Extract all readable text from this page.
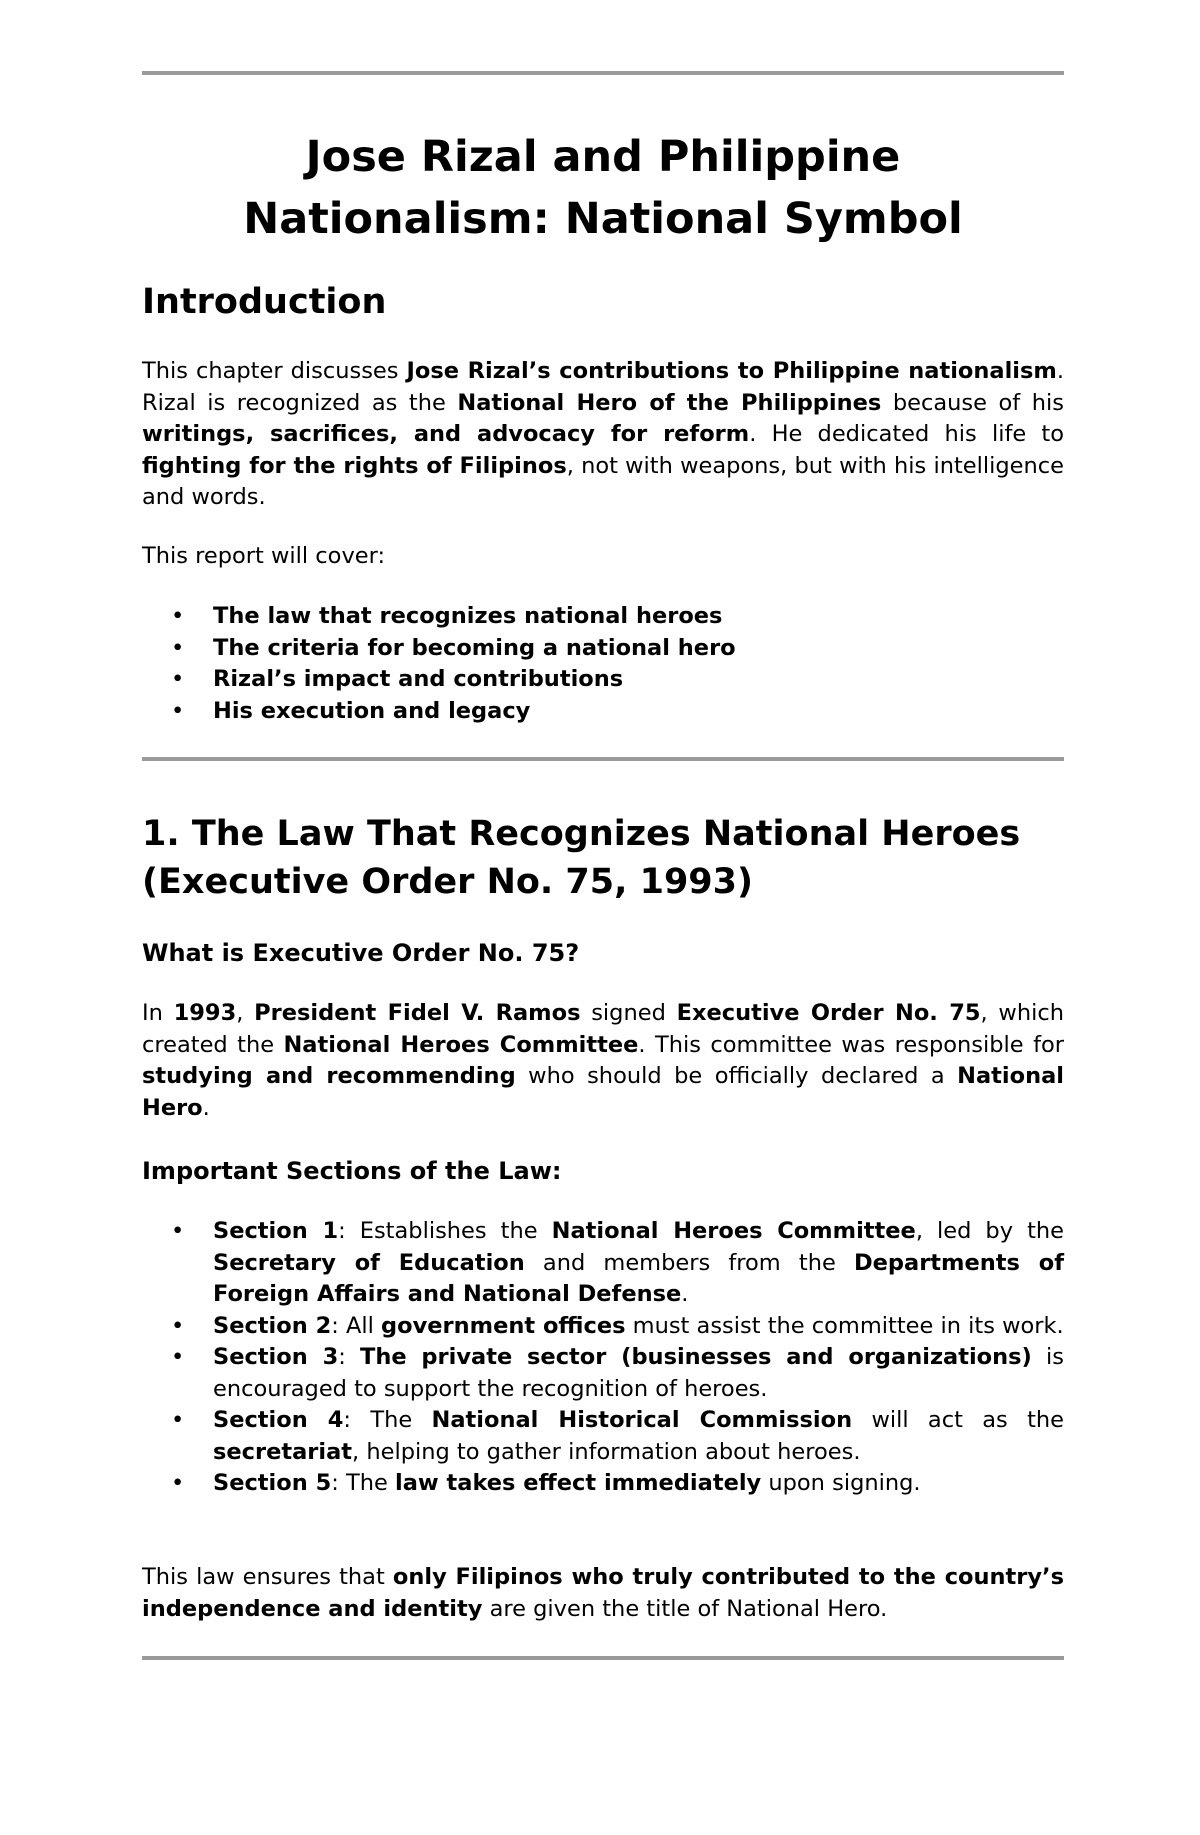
Jose Rizal and Philippine
Nationalism: National Symbol
Introduction

This chapter discusses Jose Rizal’s contributions to Philippine nationalism. Rizal is recognized as the National Hero of the Philippines because of his writings, sacrifices, and advocacy for reform. He dedicated his life to fighting for the rights of Filipinos, not with weapons, but with his intelligence and words.

This report will cover:

• The law that recognizes national heroes
• The criteria for becoming a national hero
• Rizal’s impact and contributions
• His execution and legacy
1. The Law That Recognizes National Heroes
(Executive Order No. 75, 1993)
What is Executive Order No. 75?

In 1993, President Fidel V. Ramos signed Executive Order No. 75, which created the National Heroes Committee. This committee was responsible for studying and recommending who should be officially declared a National Hero.

Important Sections of the Law:
• Section 1: Establishes the National Heroes Committee, led by the Secretary of Education and members from the Departments of Foreign Affairs and National Defense.
• Section 2: All government offices must assist the committee in its work.
• Section 3: The private sector (businesses and organizations) is encouraged to support the recognition of heroes.
• Section 4: The National Historical Commission will act as the secretariat, helping to gather information about heroes.
• Section 5: The law takes effect immediately upon signing.

This law ensures that only Filipinos who truly contributed to the country’s independence and identity are given the title of National Hero.
